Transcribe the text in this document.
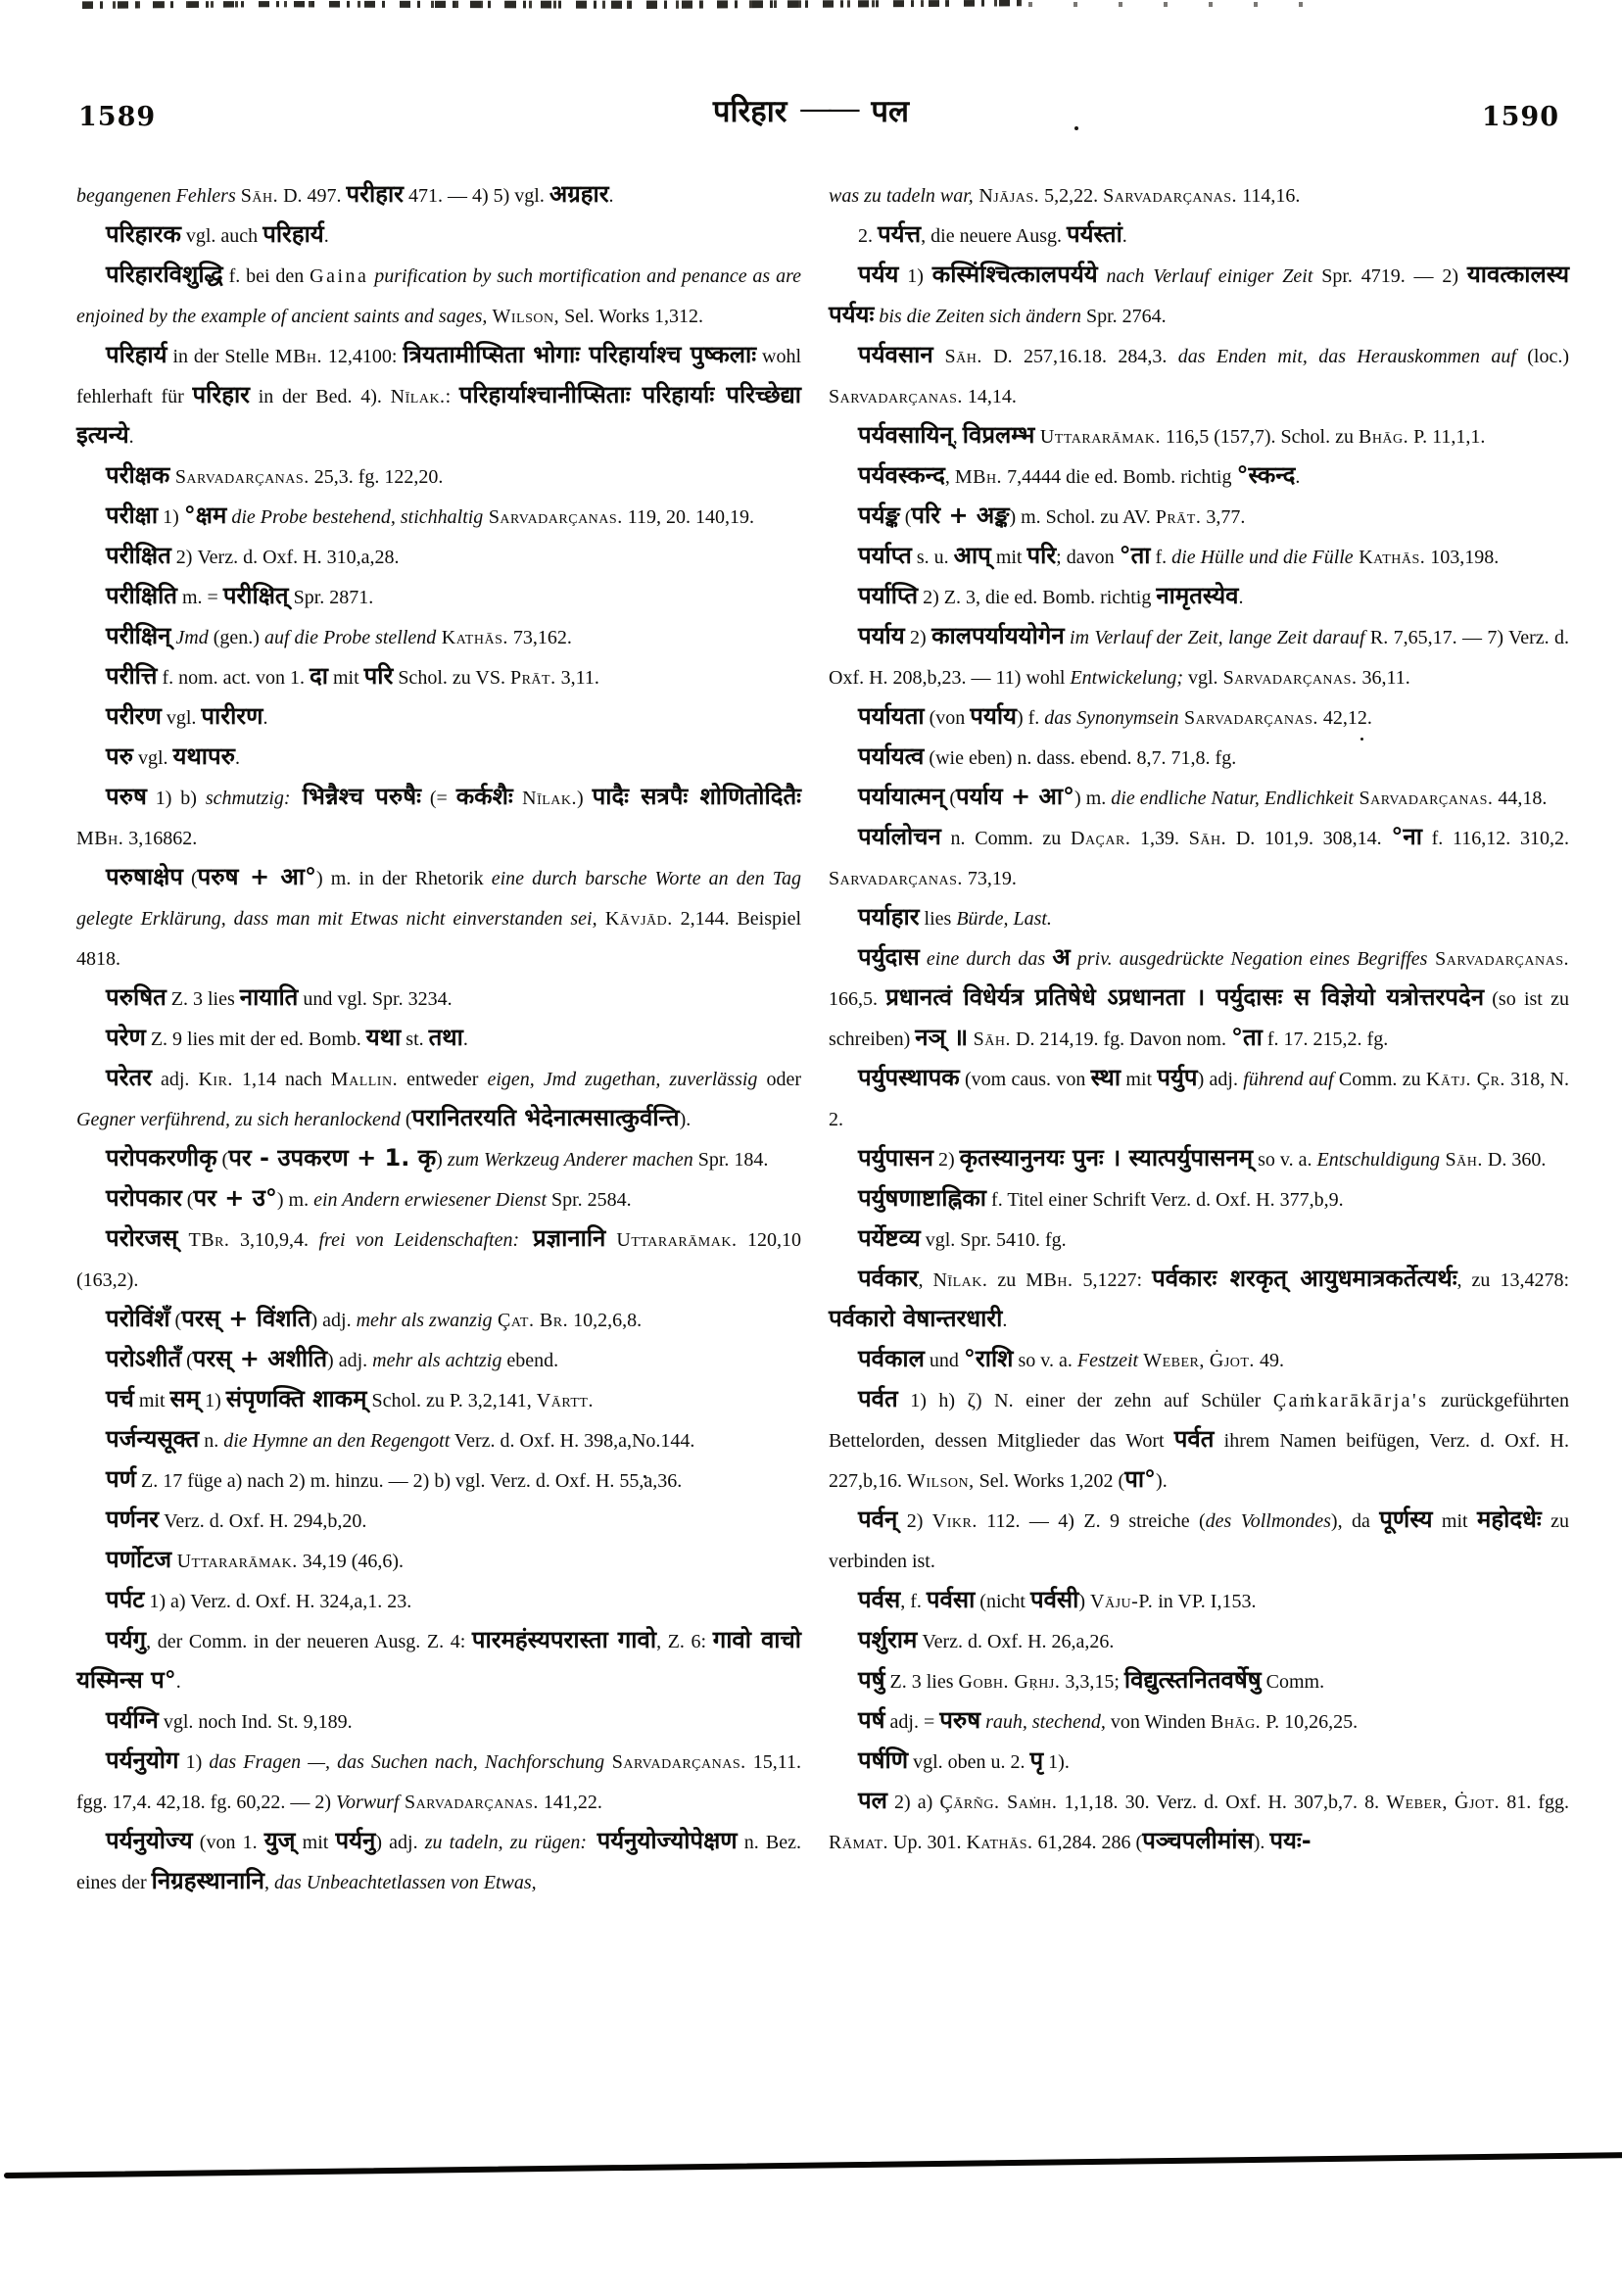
1589	परिहार —— पल	1590

begangenen Fehlers Sāh. D. 497. परीहार 471. — 4) 5) vgl. अग्रहार.

परिहारक vgl. auch परिहार्य.

परिहारविशुद्धि f. bei den Gaina purification by such mortification and penance as are enjoined by the example of ancient saints and sages, Wilson, Sel. Works 1,312.

परिहार्य in der Stelle MBh. 12,4100: त्रियतामीप्सिता भोगाः परिहार्याश्च पुष्कलाः wohl fehlerhaft für परिहार in der Bed. 4). Nīlak.: परिहार्याश्चानीप्सिताः परिहार्याः परिच्छेद्या इत्यन्ये.

परीक्षक Sarvadarçanas. 25,3. fg. 122,20.

परीक्षा 1) °क्षम die Probe bestehend, stichhaltig Sarvadarçanas. 119, 20. 140,19.

परीक्षित 2) Verz. d. Oxf. H. 310,a,28.

परीक्षिति m. = परीक्षित् Spr. 2871.

परीक्षिन् Jmd (gen.) auf die Probe stellend Kathās. 73,162.

परीत्ति f. nom. act. von 1. दा mit परि Schol. zu VS. Prāt. 3,11.

परीरण vgl. पारीरण.

परु vgl. यथापरु.

परुष 1) b) schmutzig: भिन्नैश्च परुषैः (= कर्कशैः Nīlak.) पादैः सत्रपैः शोणितोदितैः MBh. 3,16862.

परुषाक्षेप (परुष + आ°) m. in der Rhetorik eine durch barsche Worte an den Tag gelegte Erklärung, dass man mit Etwas nicht einverstanden sei, Kāvjād. 2,144. Beispiel 4818.

परुषित Z. 3 lies नायाति und vgl. Spr. 3234.

परेण Z. 9 lies mit der ed. Bomb. यथा st. तथा.

परेतर adj. Kir. 1,14 nach Mallin. entweder eigen, Jmd zugethan, zuverlässig oder Gegner verführend, zu sich heranlockend (परानितरयति भेदेनात्मसात्कुर्वन्ति).

परोपकरणीकृ (पर - उपकरण + 1. कृ) zum Werkzeug Anderer machen Spr. 184.

परोपकार (पर + उ°) m. ein Andern erwiesener Dienst Spr. 2584.

परोरजस् TBr. 3,10,9,4. frei von Leidenschaften: प्रज्ञानानि Uttararāmak. 120,10 (163,2).

परोविंशँ (परस् + विंशति) adj. mehr als zwanzig Çat. Br. 10,2,6,8.

परोऽशीतँ (परस् + अशीति) adj. mehr als achtzig ebend.

पर्च mit सम् 1) संपृणक्ति शाकम् Schol. zu P. 3,2,141, Vārtt.

पर्जन्यसूक्त n. die Hymne an den Regengott Verz. d. Oxf. H. 398,a,No.144.

पर्ण Z. 17 füge a) nach 2) m. hinzu. — 2) b) vgl. Verz. d. Oxf. H. 55,a,36.

पर्णनर Verz. d. Oxf. H. 294,b,20.

पर्णोटज Uttararāmak. 34,19 (46,6).

पर्पट 1) a) Verz. d. Oxf. H. 324,a,1. 23.

पर्यगु, der Comm. in der neueren Ausg. Z. 4: पारमहंस्यपरास्ता गावो, Z. 6: गावो वाचो यस्मिन्स प°.

पर्यग्नि vgl. noch Ind. St. 9,189.

पर्यनुयोग 1) das Fragen —, das Suchen nach, Nachforschung Sarvadarçanas. 15,11. fgg. 17,4. 42,18. fg. 60,22. — 2) Vorwurf Sarvadarçanas. 141,22.

पर्यनुयोज्य (von 1. युज् mit पर्यनु) adj. zu tadeln, zu rügen: पर्यनुयोज्योपेक्षण n. Bez. eines der निग्रहस्थानानि, das Unbeachtetlassen von Etwas,

was zu tadeln war, Njājas. 5,2,22. Sarvadarçanas. 114,16.

2. पर्यत्त, die neuere Ausg. पर्यस्तां.

पर्यय 1) कस्मिंश्चित्कालपर्यये nach Verlauf einiger Zeit Spr. 4719. — 2) यावत्कालस्य पर्ययः bis die Zeiten sich ändern Spr. 2764.

पर्यवसान Sāh. D. 257,16.18. 284,3. das Enden mit, das Herauskommen auf (loc.) Sarvadarçanas. 14,14.

पर्यवसायिन्, विप्रलम्भ Uttararāmak. 116,5 (157,7). Schol. zu Bhāg. P. 11,1,1.

पर्यवस्कन्द, MBh. 7,4444 die ed. Bomb. richtig °स्कन्द.

पर्यङ्क (परि + अङ्क) m. Schol. zu AV. Prāt. 3,77.

पर्याप्त s. u. आप् mit परि; davon °ता f. die Hülle und die Fülle Kathās. 103,198.

पर्याप्ति 2) Z. 3, die ed. Bomb. richtig नामृतस्येव.

पर्याय 2) कालपर्याययोगेन im Verlauf der Zeit, lange Zeit darauf R. 7,65,17. — 7) Verz. d. Oxf. H. 208,b,23. — 11) wohl Entwickelung; vgl. Sarvadarçanas. 36,11.

पर्यायता (von पर्याय) f. das Synonymsein Sarvadarçanas. 42,12.

पर्यायत्व (wie eben) n. dass. ebend. 8,7. 71,8. fg.

पर्यायात्मन् (पर्याय + आ°) m. die endliche Natur, Endlichkeit Sarvadarçanas. 44,18.

पर्यालोचन n. Comm. zu Daçar. 1,39. Sāh. D. 101,9. 308,14. °ना f. 116,12. 310,2. Sarvadarçanas. 73,19.

पर्याहार lies Bürde, Last.

पर्युदास eine durch das अ priv. ausgedrückte Negation eines Begriffes Sarvadarçanas. 166,5. प्रधानत्वं विधेर्यत्र प्रतिषेधे ऽप्रधानता । पर्युदासः स विज्ञेयो यत्रोत्तरपदेन (so ist zu schreiben) नञ् ॥ Sāh. D. 214,19. fg. Davon nom. °ता f. 17. 215,2. fg.

पर्युपस्थापक (vom caus. von स्था mit पर्युप) adj. führend auf Comm. zu Kātj. Çr. 318, N. 2.

पर्युपासन 2) कृतस्यानुनयः पुनः । स्यात्पर्युपासनम् so v. a. Entschuldigung Sāh. D. 360.

पर्युषणाष्टाह्निका f. Titel einer Schrift Verz. d. Oxf. H. 377,b,9.

पर्येष्टव्य vgl. Spr. 5410. fg.

पर्वकार, Nīlak. zu MBh. 5,1227: पर्वकारः शरकृत् आयुधमात्रकर्तेत्यर्थः, zu 13,4278: पर्वकारो वेषान्तरधारी.

पर्वकाल und °राशि so v. a. Festzeit Weber, Ġjot. 49.

पर्वत 1) h) ζ) N. einer der zehn auf Schüler Çaṁkarākārja's zurückgeführten Bettelorden, dessen Mitglieder das Wort पर्वत ihrem Namen beifügen, Verz. d. Oxf. H. 227,b,16. Wilson, Sel. Works 1,202 (पा°).

पर्वन् 2) Vikr. 112. — 4) Z. 9 streiche (des Vollmondes), da पूर्णस्य mit महोदधेः zu verbinden ist.

पर्वस, f. पर्वसा (nicht पर्वसी) Vāju-P. in VP. I,153.

पर्शुराम Verz. d. Oxf. H. 26,a,26.

पर्षु Z. 3 lies Gobh. Gṛhj. 3,3,15; विद्युत्स्तनितवर्षेषु Comm.

पर्ष adj. = परुष rauh, stechend, von Winden Bhāg. P. 10,26,25.

पर्षणि vgl. oben u. 2. पृ 1).

पल 2) a) Çārñg. Saṁh. 1,1,18. 30. Verz. d. Oxf. H. 307,b,7. 8. Weber, Ġjot. 81. fgg. Rāmat. Up. 301. Kathās. 61,284. 286 (पञ्चपलीमांस). पयः-
